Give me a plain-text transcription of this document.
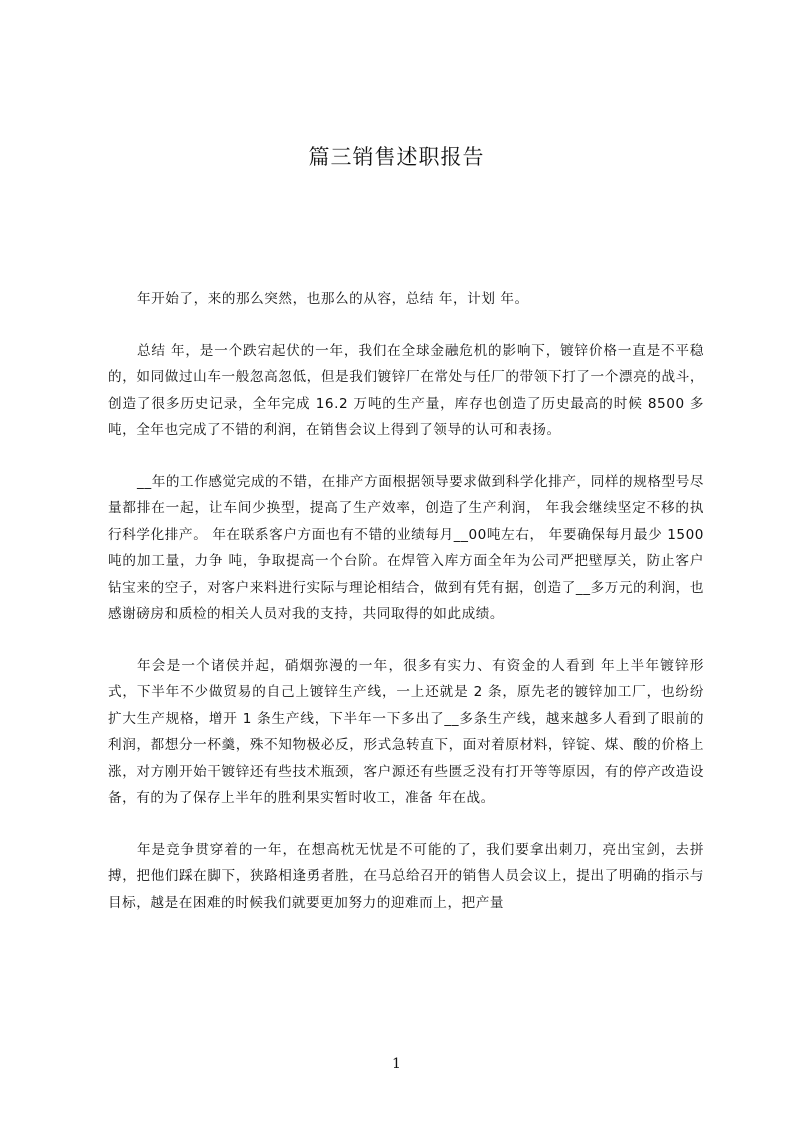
篇三销售述职报告

年开始了，来的那么突然，也那么的从容，总结 年，计划 年。

总结 年，是一个跌宕起伏的一年，我们在全球金融危机的影响下，镀锌价格一直是不平稳的，如同做过山车一般忽高忽低，但是我们镀锌厂在常处与任厂的带领下打了一个漂亮的战斗，创造了很多历史记录，全年完成 16.2 万吨的生产量，库存也创造了历史最高的时候 8500 多吨，全年也完成了不错的利润，在销售会议上得到了领导的认可和表扬。

__年的工作感觉完成的不错，在排产方面根据领导要求做到科学化排产，同样的规格型号尽量都排在一起，让车间少换型，提高了生产效率，创造了生产利润， 年我会继续坚定不移的执行科学化排产。 年在联系客户方面也有不错的业绩每月__00吨左右， 年要确保每月最少 1500 吨的加工量，力争 吨，争取提高一个台阶。在焊管入库方面全年为公司严把壁厚关，防止客户钻宝来的空子，对客户来料进行实际与理论相结合，做到有凭有据，创造了__多万元的利润，也感谢磅房和质检的相关人员对我的支持，共同取得的如此成绩。

年会是一个诸侯并起，硝烟弥漫的一年，很多有实力、有资金的人看到 年上半年镀锌形式，下半年不少做贸易的自己上镀锌生产线，一上还就是 2 条，原先老的镀锌加工厂，也纷纷扩大生产规格，增开 1 条生产线，下半年一下多出了__多条生产线，越来越多人看到了眼前的利润，都想分一杯羹，殊不知物极必反，形式急转直下，面对着原材料，锌锭、煤、酸的价格上涨，对方刚开始干镀锌还有些技术瓶颈，客户源还有些匮乏没有打开等等原因，有的停产改造设备，有的为了保存上半年的胜利果实暂时收工，准备 年在战。

年是竞争贯穿着的一年，在想高枕无忧是不可能的了，我们要拿出刺刀，亮出宝剑，去拼搏，把他们踩在脚下，狭路相逢勇者胜，在马总给召开的销售人员会议上，提出了明确的指示与目标，越是在困难的时候我们就要更加努力的迎难而上，把产量

1
